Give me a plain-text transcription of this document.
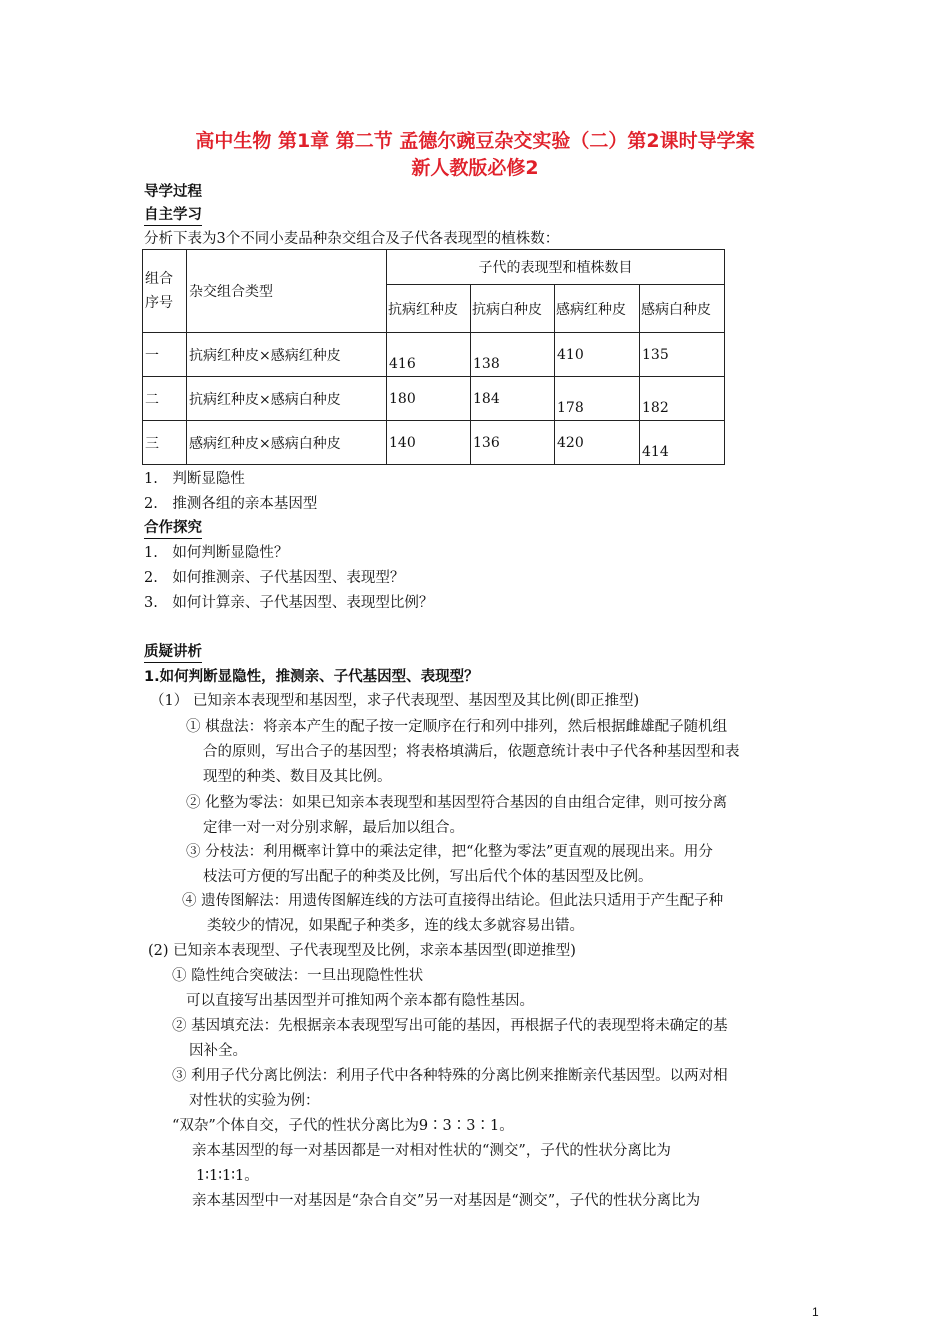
高中生物 第1章 第二节 孟德尔豌豆杂交实验（二）第2课时导学案
新人教版必修2
导学过程
自主学习
分析下表为3个不同小麦品种杂交组合及子代各表现型的植株数：
组合序号	杂交组合类型	子代的表现型和植株数目			
		抗病红种皮	抗病白种皮	感病红种皮	感病白种皮
一	抗病红种皮×感病红种皮	416	138	410	135
二	抗病红种皮×感病白种皮	180	184	178	182
三	感病红种皮×感病白种皮	140	136	420	414
1.　判断显隐性
2.　推测各组的亲本基因型
合作探究
1.　如何判断显隐性？
2.　如何推测亲、子代基因型、表现型？
3.　如何计算亲、子代基因型、表现型比例？
质疑讲析
1.如何判断显隐性，推测亲、子代基因型、表现型？
（1） 已知亲本表现型和基因型，求子代表现型、基因型及其比例(即正推型)
① 棋盘法：将亲本产生的配子按一定顺序在行和列中排列，然后根据雌雄配子随机组
合的原则，写出合子的基因型；将表格填满后，依题意统计表中子代各种基因型和表
现型的种类、数目及其比例。
② 化整为零法：如果已知亲本表现型和基因型符合基因的自由组合定律，则可按分离
定律一对一对分别求解，最后加以组合。
③ 分枝法：利用概率计算中的乘法定律，把“化整为零法”更直观的展现出来。用分
枝法可方便的写出配子的种类及比例，写出后代个体的基因型及比例。
④ 遗传图解法：用遗传图解连线的方法可直接得出结论。但此法只适用于产生配子种
类较少的情况，如果配子种类多，连的线太多就容易出错。
(2) 已知亲本表现型、子代表现型及比例，求亲本基因型(即逆推型)
① 隐性纯合突破法：一旦出现隐性性状
可以直接写出基因型并可推知两个亲本都有隐性基因。
② 基因填充法：先根据亲本表现型写出可能的基因，再根据子代的表现型将未确定的基
因补全。
③ 利用子代分离比例法：利用子代中各种特殊的分离比例来推断亲代基因型。以两对相
对性状的实验为例：
“双杂”个体自交，子代的性状分离比为9∶3∶3∶1。
亲本基因型的每一对基因都是一对相对性状的“测交”，子代的性状分离比为
1∶1∶1∶1。
亲本基因型中一对基因是“杂合自交”另一对基因是“测交”，子代的性状分离比为
1
